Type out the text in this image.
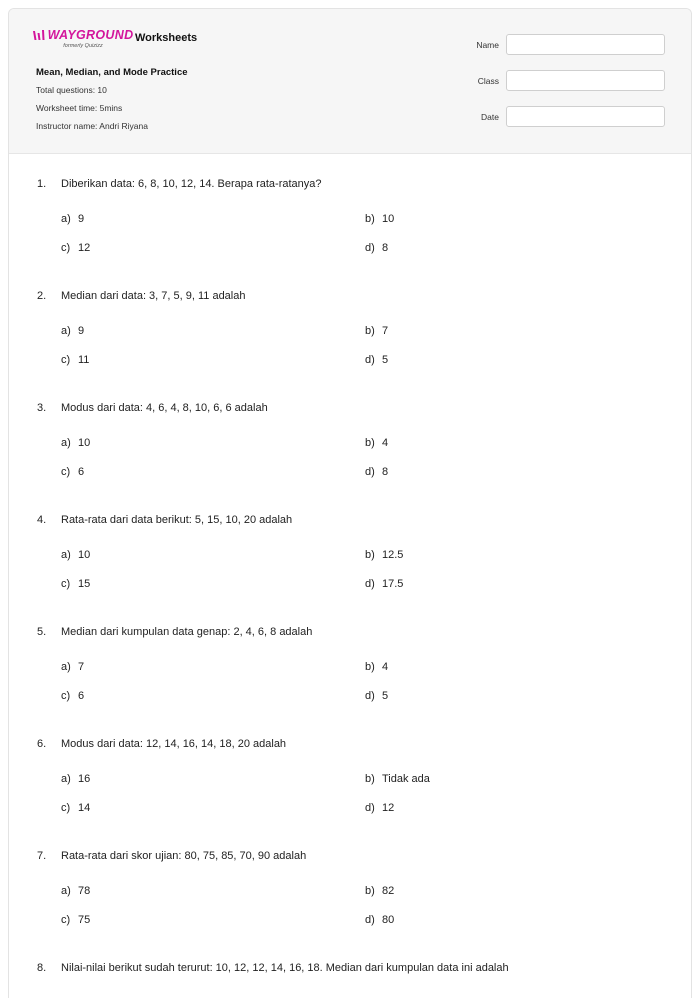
WAYGROUND
formerly Quizizz
Worksheets
Mean, Median, and Mode Practice
Total questions: 10
Worksheet time: 5mins
Instructor name: Andri Riyana
Name
Class
Date
1. Diberikan data: 6, 8, 10, 12, 14. Berapa rata-ratanya?
a) 9	b) 10
c) 12	d) 8
2. Median dari data: 3, 7, 5, 9, 11 adalah
a) 9	b) 7
c) 11	d) 5
3. Modus dari data: 4, 6, 4, 8, 10, 6, 6 adalah
a) 10	b) 4
c) 6	d) 8
4. Rata-rata dari data berikut: 5, 15, 10, 20 adalah
a) 10	b) 12.5
c) 15	d) 17.5
5. Median dari kumpulan data genap: 2, 4, 6, 8 adalah
a) 7	b) 4
c) 6	d) 5
6. Modus dari data: 12, 14, 16, 14, 18, 20 adalah
a) 16	b) Tidak ada
c) 14	d) 12
7. Rata-rata dari skor ujian: 80, 75, 85, 70, 90 adalah
a) 78	b) 82
c) 75	d) 80
8. Nilai-nilai berikut sudah terurut: 10, 12, 12, 14, 16, 18. Median dari kumpulan data ini adalah
